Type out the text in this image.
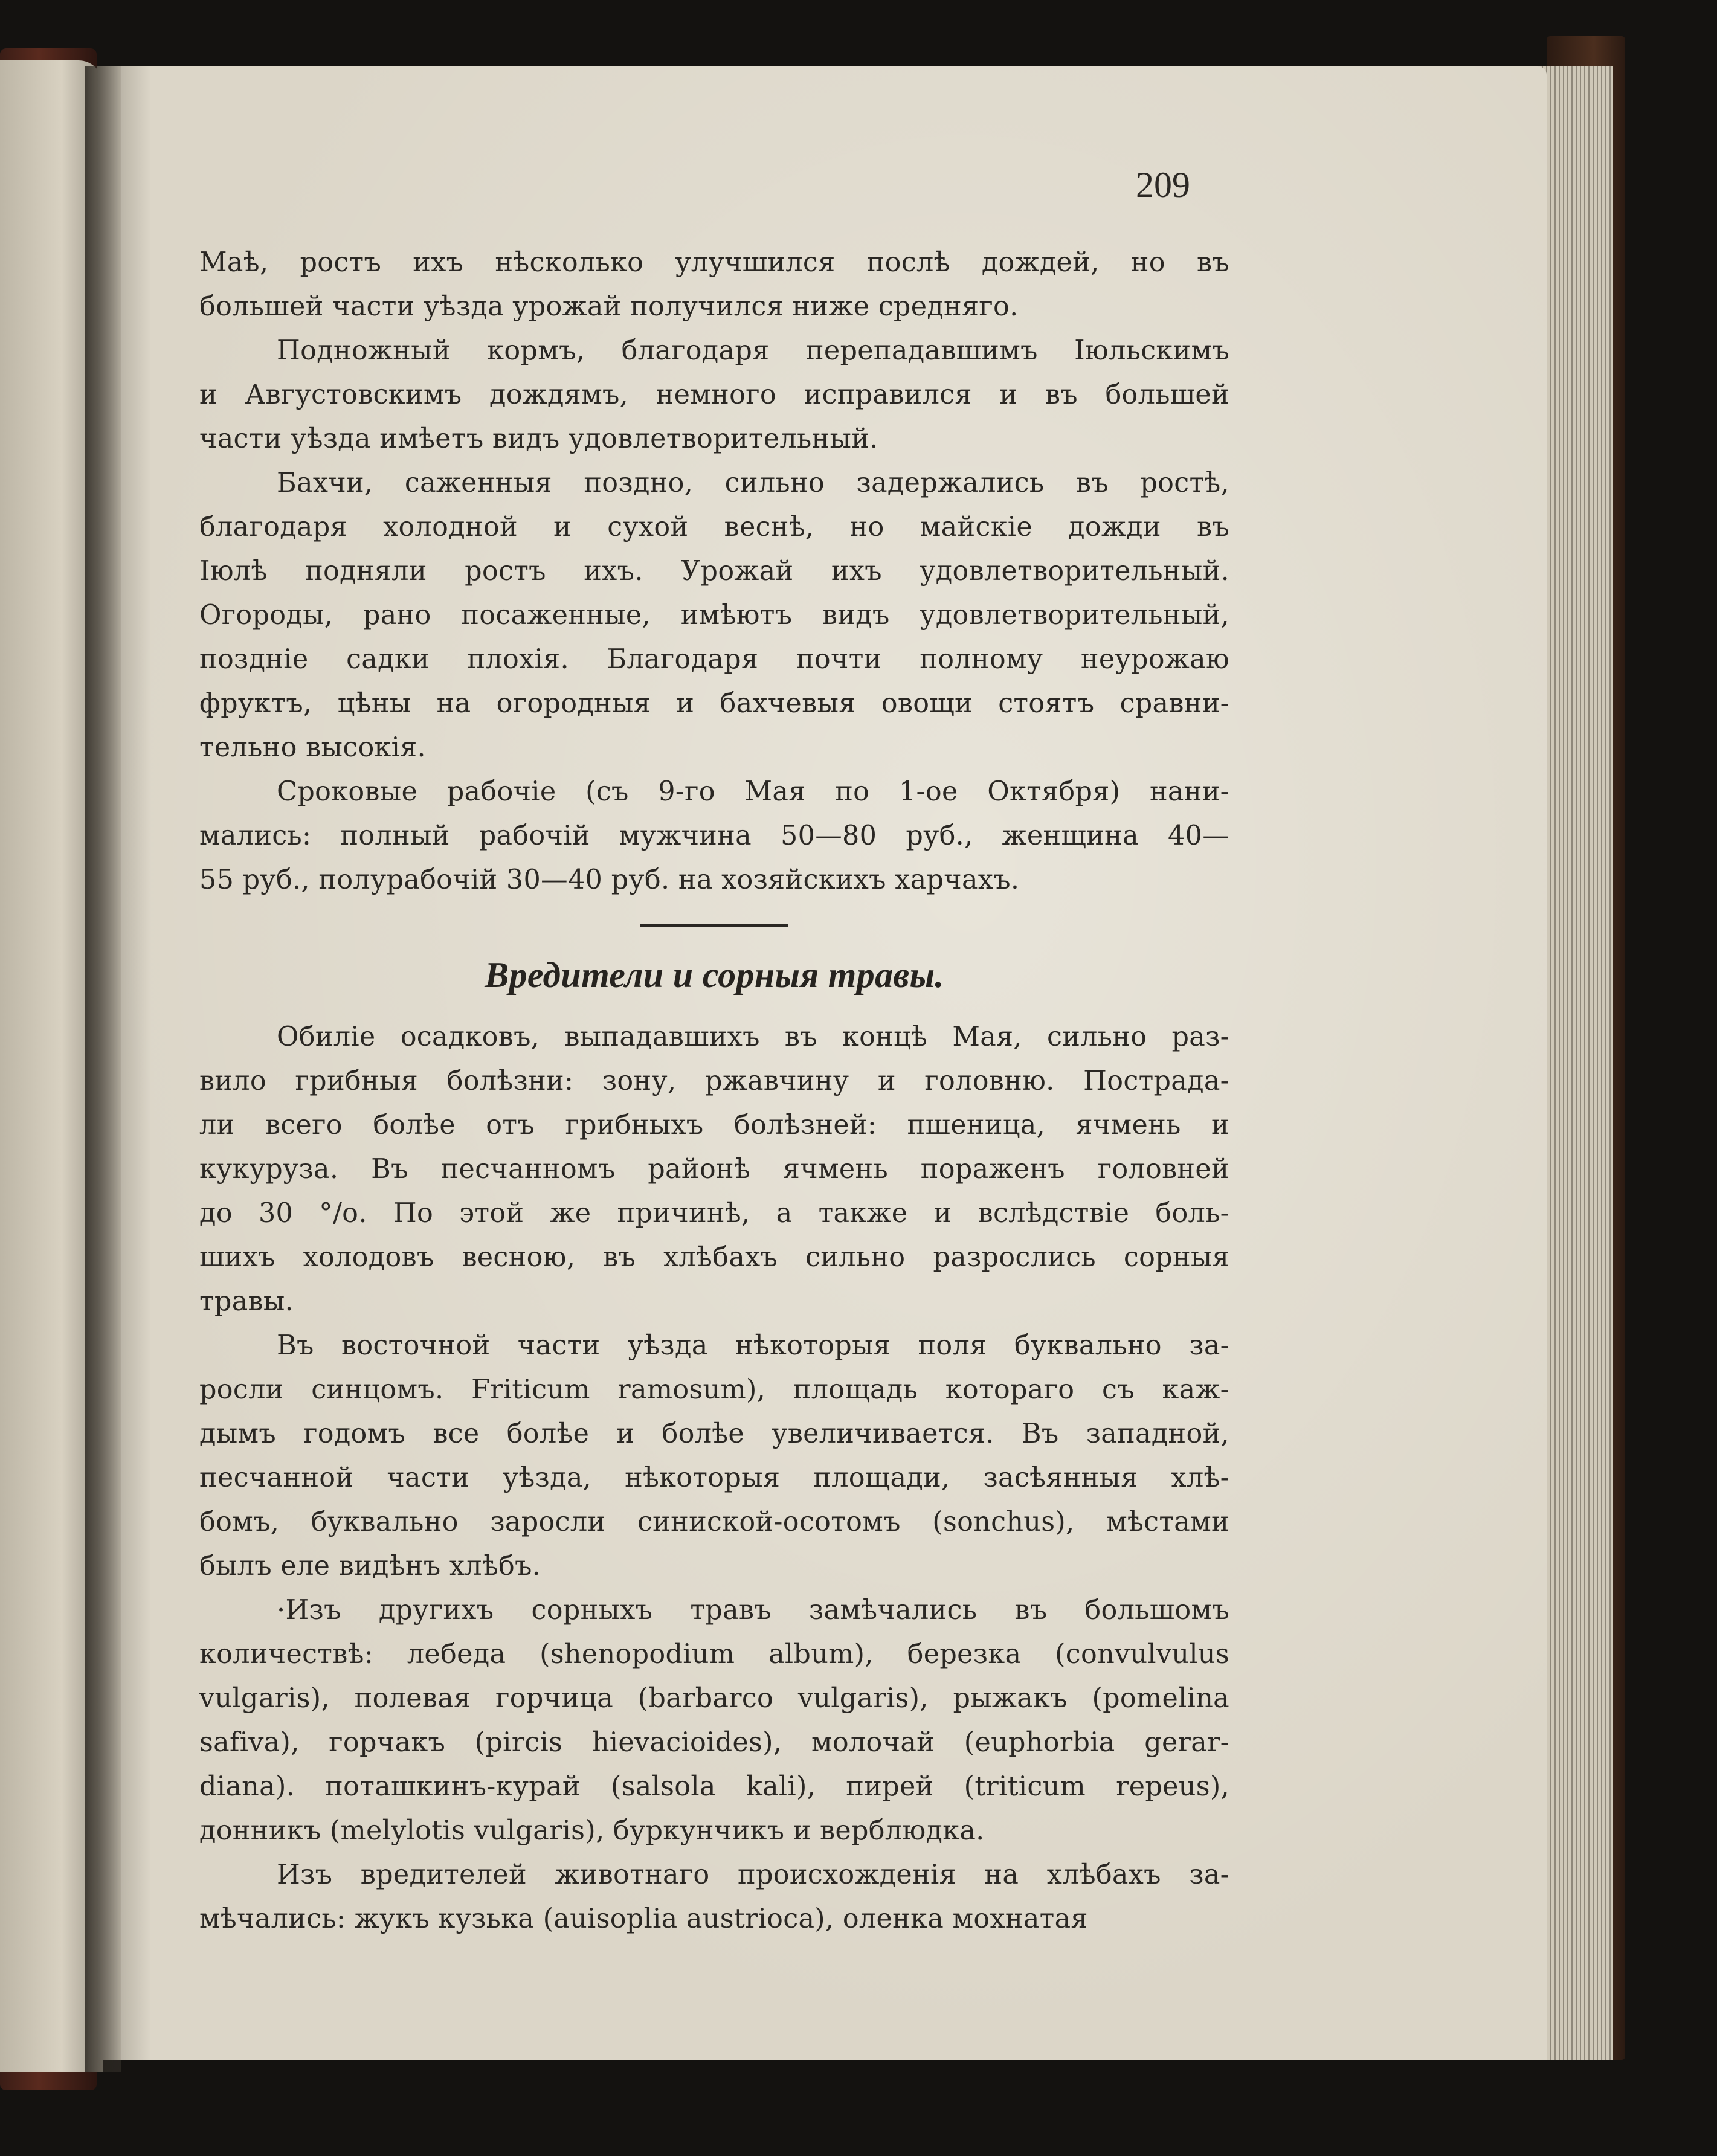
209

Маѣ, ростъ ихъ нѣсколько улучшился послѣ дождей, но въ

большей части уѣзда урожай получился ниже средняго.

Подножный кормъ, благодаря перепадавшимъ Іюльскимъ

и Августовскимъ дождямъ, немного исправился и въ большей

части уѣзда имѣетъ видъ удовлетворительный.

Бахчи, саженныя поздно, сильно задержались въ ростѣ,

благодаря холодной и сухой веснѣ, но майскіе дожди въ

Іюлѣ подняли ростъ ихъ. Урожай ихъ удовлетворительный.

Огороды, рано посаженные, имѣютъ видъ удовлетворительный,

поздніе садки плохія. Благодаря почти полному неурожаю

фруктъ, цѣны на огородныя и бахчевыя овощи стоятъ сравни-

тельно высокія.

Сроковые рабочіе (съ 9-го Мая по 1-ое Октября) нани-

мались: полный рабочій мужчина 50—80 руб., женщина 40—

55 руб., полурабочій 30—40 руб. на хозяйскихъ харчахъ.

Вредители и сорныя травы.

Обиліе осадковъ, выпадавшихъ въ концѣ Мая, сильно раз-

вило грибныя болѣзни: зону, ржавчину и головню. Пострада-

ли всего болѣе отъ грибныхъ болѣзней: пшеница, ячмень и

кукуруза. Въ песчанномъ районѣ ячмень пораженъ головней

до 30 °/о. По этой же причинѣ, а также и вслѣдствіе боль-

шихъ холодовъ весною, въ хлѣбахъ сильно разрослись сорныя

травы.

Въ восточной части уѣзда нѣкоторыя поля буквально за-

росли синцомъ. Friticum ramosum), площадь котораго съ каж-

дымъ годомъ все болѣе и болѣе увеличивается. Въ западной,

песчанной части уѣзда, нѣкоторыя площади, засѣянныя хлѣ-

бомъ, буквально заросли синиской-осотомъ (sonchus), мѣстами

былъ еле видѣнъ хлѣбъ.

·Изъ другихъ сорныхъ травъ замѣчались въ большомъ

количествѣ: лебеда (shenopodium album), березка (convulvulus

vulgaris), полевая горчица (barbarco vulgaris), рыжакъ (pomelina

safiva), горчакъ (pircis hievacioides), молочай (euphorbia gerar-

diana). поташкинъ-курай (salsola kali), пирей (triticum repeus),

донникъ (melylotis vulgaris), буркунчикъ и верблюдка.

Изъ вредителей животнаго происхожденія на хлѣбахъ за-

мѣчались: жукъ кузька (auisoplia austrioca), оленка мохнатая
